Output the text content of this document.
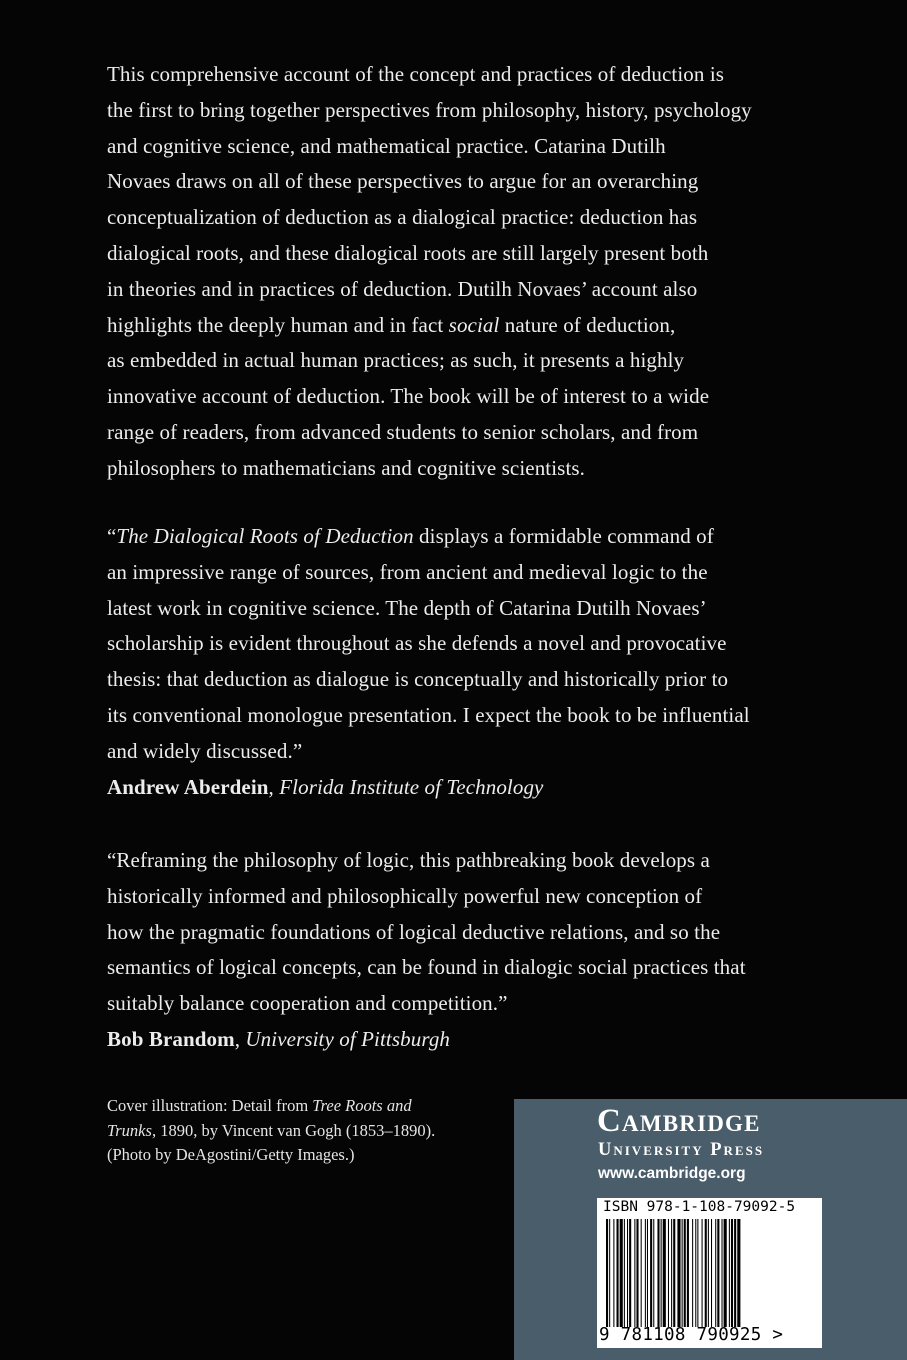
This comprehensive account of the concept and practices of deduction is
the first to bring together perspectives from philosophy, history, psychology
and cognitive science, and mathematical practice. Catarina Dutilh
Novaes draws on all of these perspectives to argue for an overarching
conceptualization of deduction as a dialogical practice: deduction has
dialogical roots, and these dialogical roots are still largely present both
in theories and in practices of deduction. Dutilh Novaes’ account also
highlights the deeply human and in fact social nature of deduction,
as embedded in actual human practices; as such, it presents a highly
innovative account of deduction. The book will be of interest to a wide
range of readers, from advanced students to senior scholars, and from
philosophers to mathematicians and cognitive scientists.
“The Dialogical Roots of Deduction displays a formidable command of
an impressive range of sources, from ancient and medieval logic to the
latest work in cognitive science. The depth of Catarina Dutilh Novaes’
scholarship is evident throughout as she defends a novel and provocative
thesis: that deduction as dialogue is conceptually and historically prior to
its conventional monologue presentation. I expect the book to be influential
and widely discussed.”
Andrew Aberdein, Florida Institute of Technology
“Reframing the philosophy of logic, this pathbreaking book develops a
historically informed and philosophically powerful new conception of
how the pragmatic foundations of logical deductive relations, and so the
semantics of logical concepts, can be found in dialogic social practices that
suitably balance cooperation and competition.”
Bob Brandom, University of Pittsburgh
Cover illustration: Detail from Tree Roots and
Trunks, 1890, by Vincent van Gogh (1853–1890).
(Photo by DeAgostini/Getty Images.)
Cambridge
University Press
www.cambridge.org
ISBN 978-1-108-79092-5
9 781108 790925 >
